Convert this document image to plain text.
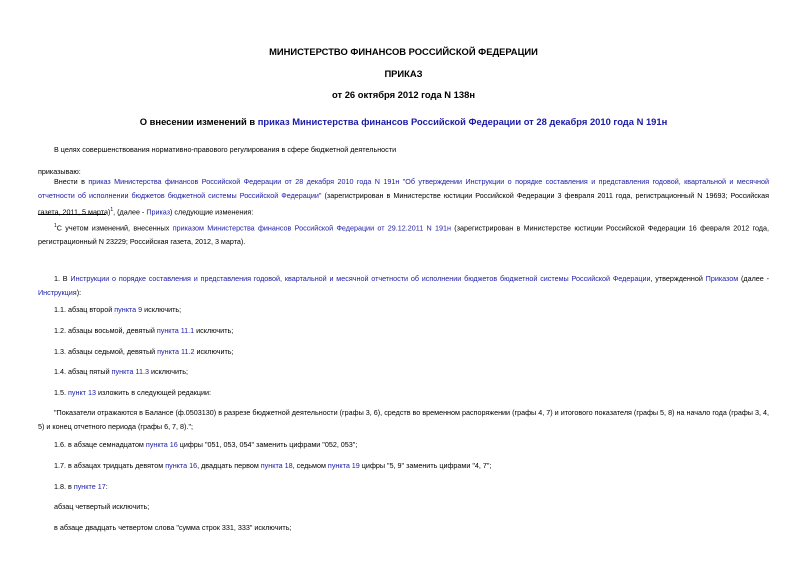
МИНИСТЕРСТВО ФИНАНСОВ РОССИЙСКОЙ ФЕДЕРАЦИИ
ПРИКАЗ
от 26 октября 2012 года N 138н
О внесении изменений в приказ Министерства финансов Российской Федерации от 28 декабря 2010 года N 191н
В целях совершенствования нормативно-правового регулирования в сфере бюджетной деятельности
приказываю:
Внести в приказ Министерства финансов Российской Федерации от 28 декабря 2010 года N 191н "Об утверждении Инструкции о порядке составления и представления годовой, квартальной и месячной отчетности об исполнении бюджетов бюджетной системы Российской Федерации" (зарегистрирован в Министерстве юстиции Российской Федерации 3 февраля 2011 года, регистрационный N 19693; Российская газета, 2011, 5 марта)$^1$, (далее - Приказ) следующие изменения:
$^1$С учетом изменений, внесенных приказом Министерства финансов Российской Федерации от 29.12.2011 N 191н (зарегистрирован в Министерстве юстиции Российской Федерации 16 февраля 2012 года, регистрационный N 23229; Российская газета, 2012, 3 марта).
1. В Инструкции о порядке составления и представления годовой, квартальной и месячной отчетности об исполнении бюджетов бюджетной системы Российской Федерации, утвержденной Приказом (далее - Инструкция):
1.1. абзац второй пункта 9 исключить;
1.2. абзацы восьмой, девятый пункта 11.1 исключить;
1.3. абзацы седьмой, девятый пункта 11.2 исключить;
1.4. абзац пятый пункта 11.3 исключить;
1.5. пункт 13 изложить в следующей редакции:
"Показатели отражаются в Балансе (ф.0503130) в разрезе бюджетной деятельности (графы 3, 6), средств во временном распоряжении (графы 4, 7) и итогового показателя (графы 5, 8) на начало года (графы 3, 4, 5) и конец отчетного периода (графы 6, 7, 8).";
1.6. в абзаце семнадцатом пункта 16 цифры "051, 053, 054" заменить цифрами "052, 053";
1.7. в абзацах тридцать девятом пункта 16, двадцать первом пункта 18, седьмом пункта 19 цифры "5, 9" заменить цифрами "4, 7";
1.8. в пункте 17:
абзац четвертый исключить;
в абзаце двадцать четвертом слова "сумма строк 331, 333" исключить;
